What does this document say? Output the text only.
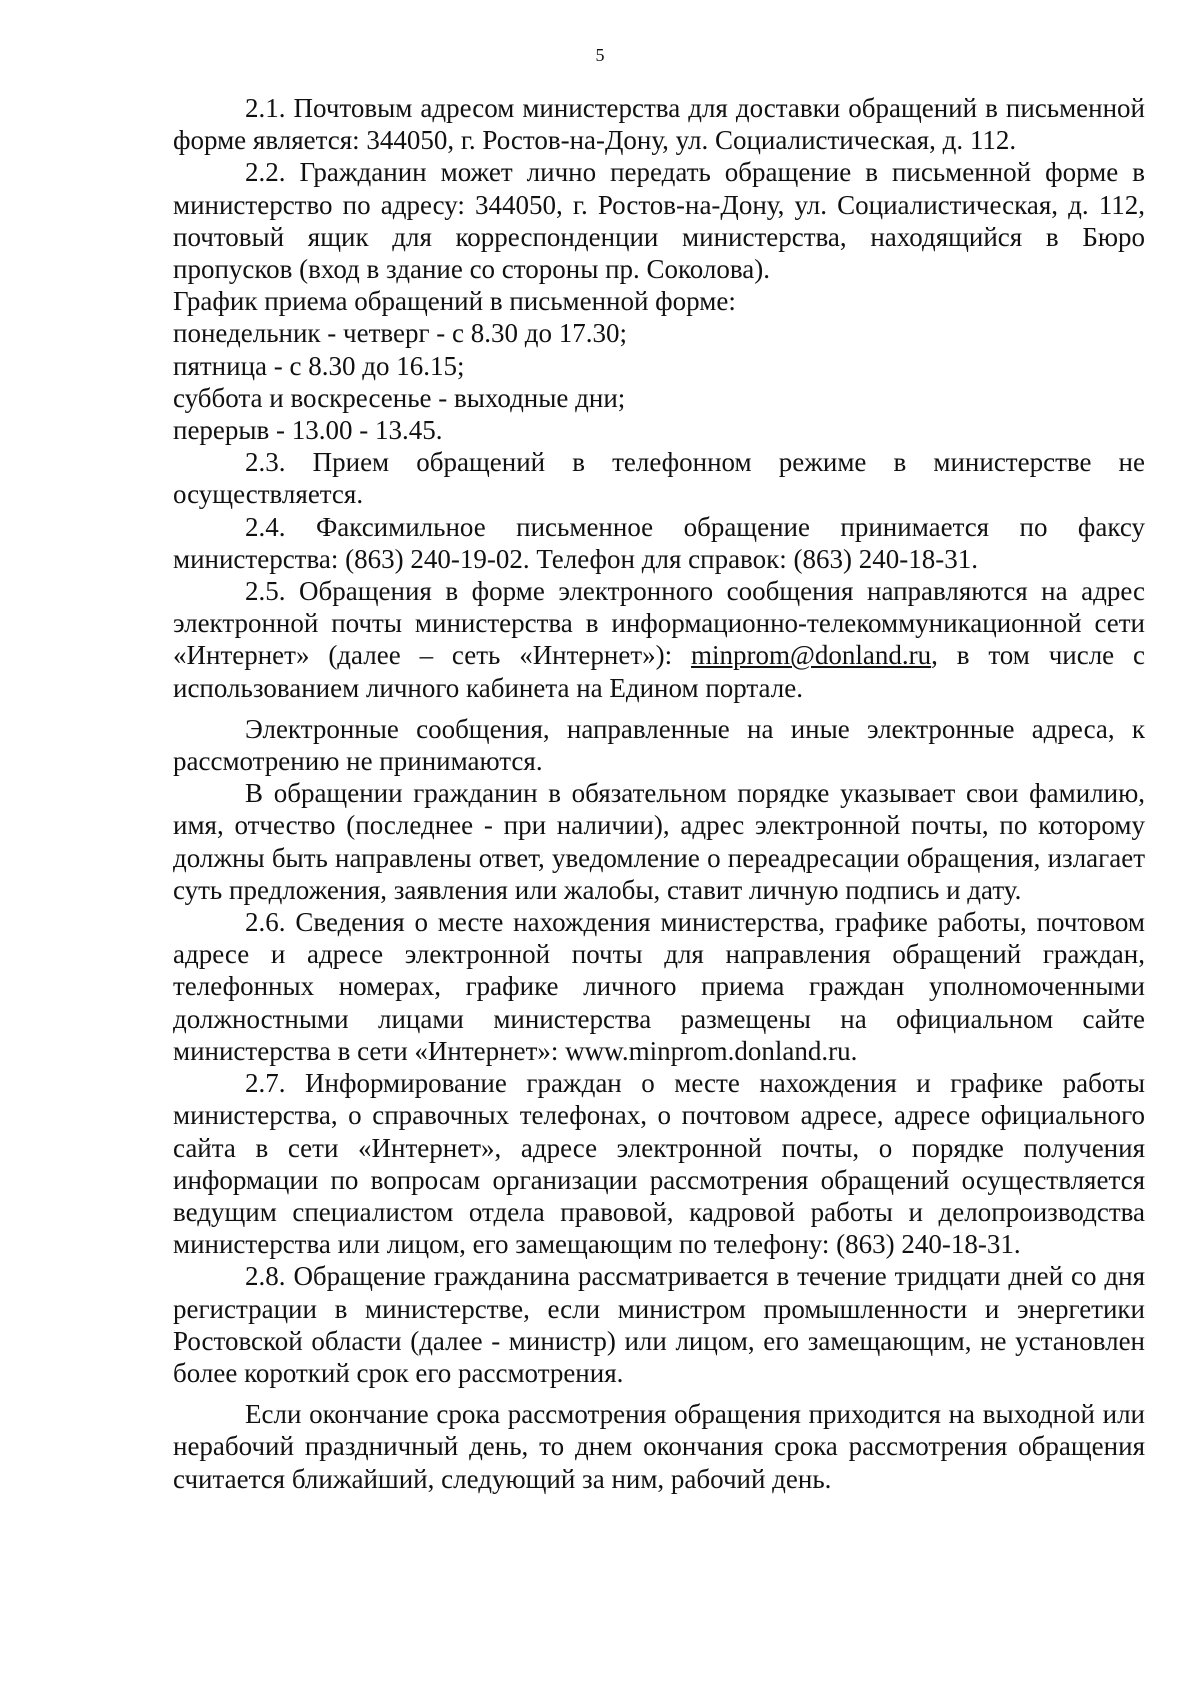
5

2.1. Почтовым адресом министерства для доставки обращений в письменной форме является: 344050, г. Ростов-на-Дону, ул. Социалистическая, д. 112.

2.2. Гражданин может лично передать обращение в письменной форме в министерство по адресу: 344050, г. Ростов-на-Дону, ул. Социалистическая, д. 112, почтовый ящик для корреспонденции министерства, находящийся в Бюро пропусков (вход в здание со стороны пр. Соколова).

График приема обращений в письменной форме:

понедельник - четверг - с 8.30 до 17.30;

пятница - с 8.30 до 16.15;

суббота и воскресенье - выходные дни;

перерыв - 13.00 - 13.45.

2.3. Прием обращений в телефонном режиме в министерстве не осуществляется.

2.4. Факсимильное письменное обращение принимается по факсу министерства: (863) 240-19-02. Телефон для справок: (863) 240-18-31.

2.5. Обращения в форме электронного сообщения направляются на адрес электронной почты министерства в информационно-телекоммуникационной сети «Интернет» (далее – сеть «Интернет»): minprom@donland.ru, в том числе с использованием личного кабинета на Едином портале.

Электронные сообщения, направленные на иные электронные адреса, к рассмотрению не принимаются.

В обращении гражданин в обязательном порядке указывает свои фамилию, имя, отчество (последнее - при наличии), адрес электронной почты, по которому должны быть направлены ответ, уведомление о переадресации обращения, излагает суть предложения, заявления или жалобы, ставит личную подпись и дату.

2.6. Сведения о месте нахождения министерства, графике работы, почтовом адресе и адресе электронной почты для направления обращений граждан, телефонных номерах, графике личного приема граждан уполномоченными должностными лицами министерства размещены на официальном сайте министерства в сети «Интернет»: www.minprom.donland.ru.

2.7. Информирование граждан о месте нахождения и графике работы министерства, о справочных телефонах, о почтовом адресе, адресе официального сайта в сети «Интернет», адресе электронной почты, о порядке получения информации по вопросам организации рассмотрения обращений осуществляется ведущим специалистом отдела правовой, кадровой работы и делопроизводства министерства или лицом, его замещающим по телефону: (863) 240-18-31.

2.8. Обращение гражданина рассматривается в течение тридцати дней со дня регистрации в министерстве, если министром промышленности и энергетики Ростовской области (далее - министр) или лицом, его замещающим, не установлен более короткий срок его рассмотрения.

Если окончание срока рассмотрения обращения приходится на выходной или нерабочий праздничный день, то днем окончания срока рассмотрения обращения считается ближайший, следующий за ним, рабочий день.
